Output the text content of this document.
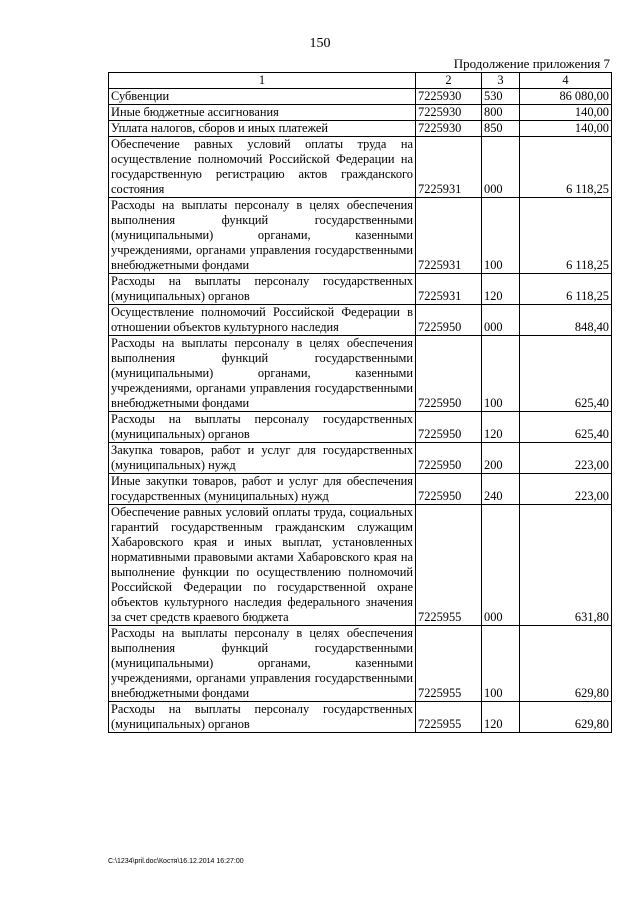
150
Продолжение приложения 7
1	2	3	4
Субвенции	7225930	530	86 080,00
Иные бюджетные ассигнования	7225930	800	140,00
Уплата налогов, сборов и иных платежей	7225930	850	140,00
Обеспечение равных условий оплаты труда на осуществление полномочий Российской Федерации на государственную регистрацию актов гражданского состояния	7225931	000	6 118,25
Расходы на выплаты персоналу в целях обеспечения выполнения функций государственными (муниципальными) органами, казенными учреждениями, органами управления государственными внебюджетными фондами	7225931	100	6 118,25
Расходы на выплаты персоналу государственных (муниципальных) органов	7225931	120	6 118,25
Осуществление полномочий Российской Федерации в отношении объектов культурного наследия	7225950	000	848,40
Расходы на выплаты персоналу в целях обеспечения выполнения функций государственными (муниципальными) органами, казенными учреждениями, органами управления государственными внебюджетными фондами	7225950	100	625,40
Расходы на выплаты персоналу государственных (муниципальных) органов	7225950	120	625,40
Закупка товаров, работ и услуг для государственных (муниципальных) нужд	7225950	200	223,00
Иные закупки товаров, работ и услуг для обеспечения государственных (муниципальных) нужд	7225950	240	223,00
Обеспечение равных условий оплаты труда, социальных гарантий государственным гражданским служащим Хабаровского края и иных выплат, установленных нормативными правовыми актами Хабаровского края на выполнение функции по осуществлению полномочий Российской Федерации по государственной охране объектов культурного наследия федерального значения за счет средств краевого бюджета	7225955	000	631,80
Расходы на выплаты персоналу в целях обеспечения выполнения функций государственными (муниципальными) органами, казенными учреждениями, органами управления государственными внебюджетными фондами	7225955	100	629,80
Расходы на выплаты персоналу государственных (муниципальных) органов	7225955	120	629,80
C:\1234\pril.doc\Костя\16.12.2014 16:27:00
